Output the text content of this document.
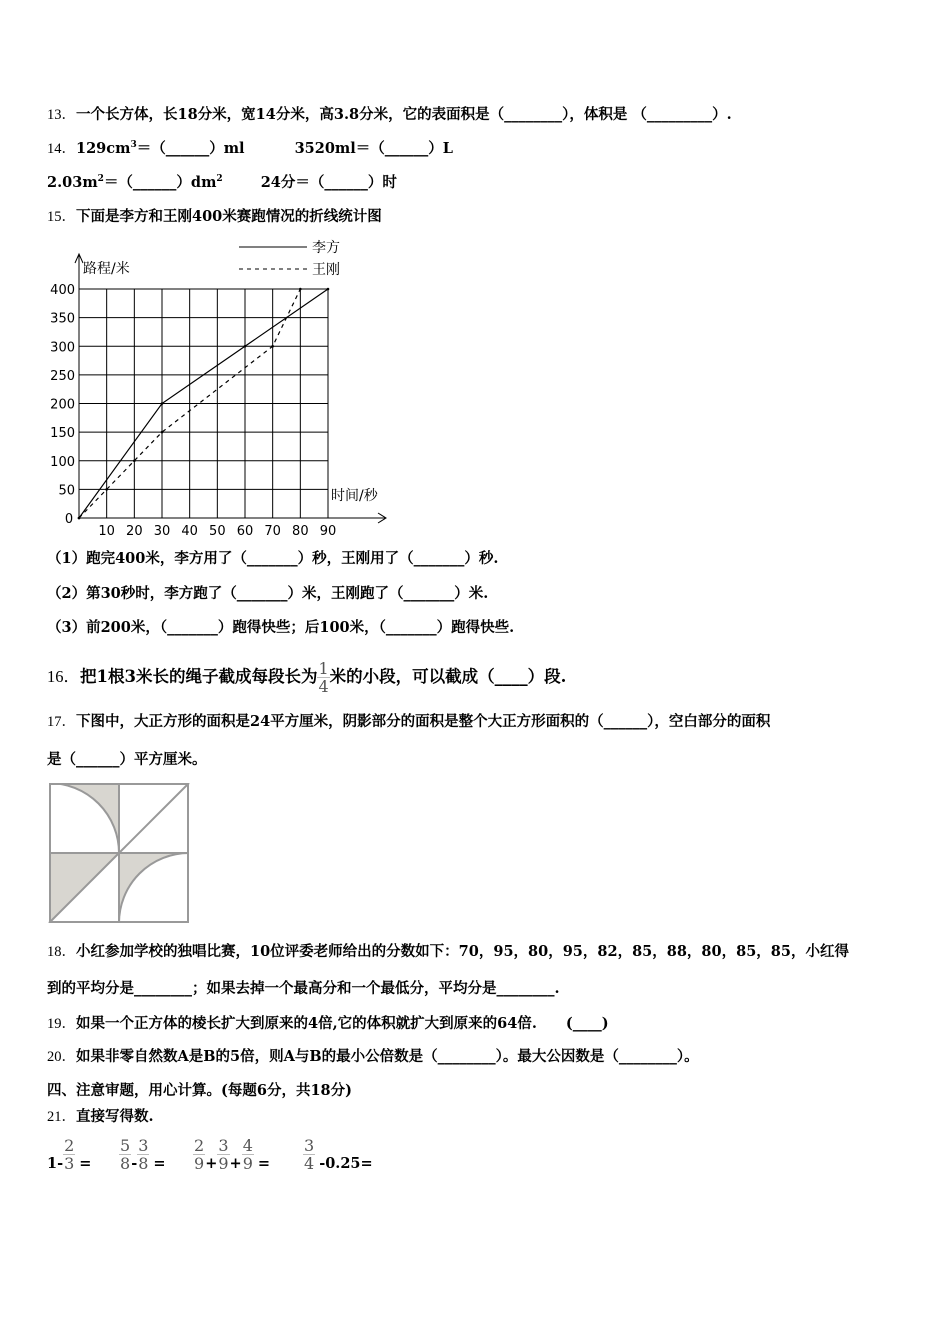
13．一个长方体，长18分米，宽14分米，高3.8分米，它的表面积是（________），体积是 （_________）.
14．$129cm^3=(\_\_\_\_\_\_)ml$	3520ml＝（______）L
$2.03m^2=(\_\_\_\_\_\_)dm^2$	24分＝（______）时
15．下面是李方和王刚400米赛跑情况的折线统计图
10 20 30 40 50 60 70 80 90
50
100
150
200
250
300
350
400
0
路程/米
时间/秒
李方
王刚
（1）跑完400米，李方用了（_______）秒，王刚用了（_______）秒.
（2）第30秒时，李方跑了（_______）米，王刚跑了（_______）米.
（3）前200米，（_______）跑得快些；后100米，（_______）跑得快些.
16．把1根3米长的绳子截成每段长为 $\frac{1}{4}$ 米的小段，可以截成（____）段.
17．下图中，大正方形的面积是24平方厘米，阴影部分的面积是整个大正方形面积的（______），空白部分的面积
是（______）平方厘米。
18．小红参加学校的独唱比赛，10位评委老师给出的分数如下：70，95，80，95，82，85，88，80，85，85，小红得
到的平均分是________；如果去掉一个最高分和一个最低分，平均分是________.
19．如果一个正方体的棱长扩大到原来的4倍,它的体积就扩大到原来的64倍.　　(____)
20．如果非零自然数A是B的5倍，则A与B的最小公倍数是（________）。最大公因数是（________）。
四、注意审题，用心计算。(每题6分，共18分)
21．直接写得数.
$1- \frac{2}{3} = \frac{5}{8} - \frac{3}{8} = \frac{2}{9} + \frac{3}{9} + \frac{4}{9} = \frac{3}{4} -0.25=$
